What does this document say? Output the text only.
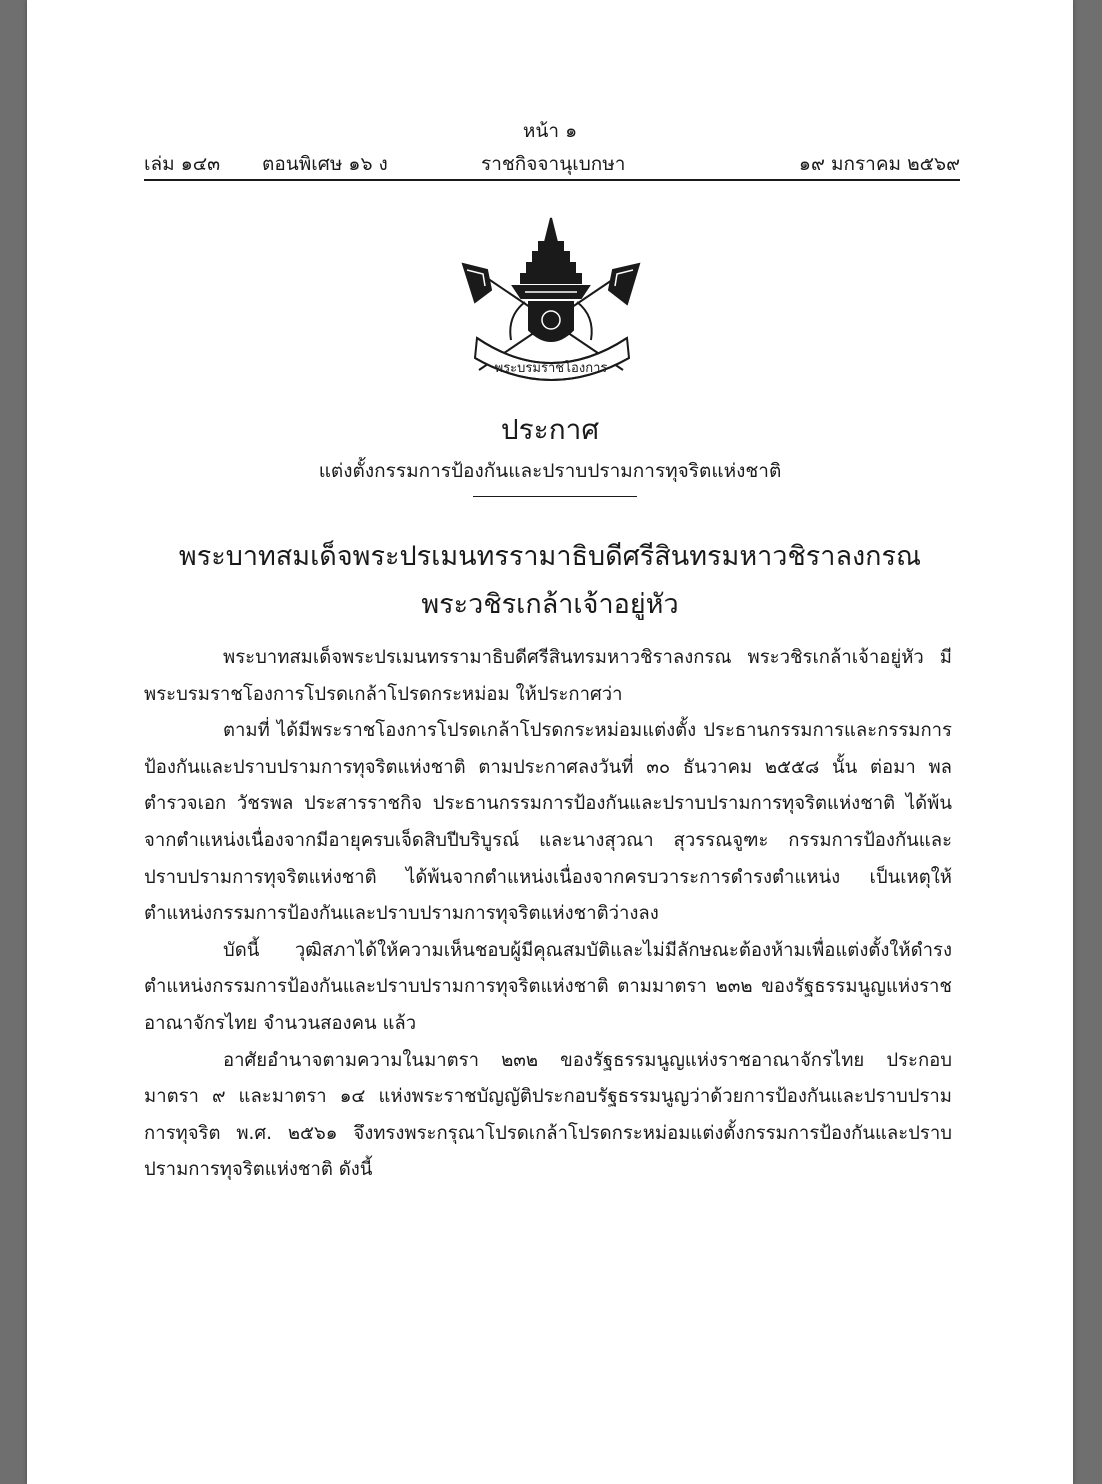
หน้า ๑
เล่ม ๑๔๓ ตอนพิเศษ ๑๖ ง	ราชกิจจานุเบกษา	๑๙ มกราคม ๒๕๖๙
พระบรมราชโองการ
ประกาศ
แต่งตั้งกรรมการป้องกันและปราบปรามการทุจริตแห่งชาติ
พระบาทสมเด็จพระปรเมนทรรามาธิบดีศรีสินทรมหาวชิราลงกรณ
พระวชิรเกล้าเจ้าอยู่หัว

พระบาทสมเด็จพระปรเมนทรรามาธิบดีศรีสินทรมหาวชิราลงกรณ พระวชิรเกล้าเจ้าอยู่หัว มีพระบรมราชโองการโปรดเกล้าโปรดกระหม่อม ให้ประกาศว่า

ตามที่ ได้มีพระราชโองการโปรดเกล้าโปรดกระหม่อมแต่งตั้ง ประธานกรรมการและกรรมการป้องกันและปราบปรามการทุจริตแห่งชาติ ตามประกาศลงวันที่ ๓๐ ธันวาคม ๒๕๕๘ นั้น ต่อมา พลตำรวจเอก วัชรพล ประสารราชกิจ ประธานกรรมการป้องกันและปราบปรามการทุจริตแห่งชาติ ได้พ้นจากตำแหน่งเนื่องจากมีอายุครบเจ็ดสิบปีบริบูรณ์ และนางสุวณา สุวรรณจูฑะ กรรมการป้องกันและปราบปรามการทุจริตแห่งชาติ ได้พ้นจากตำแหน่งเนื่องจากครบวาระการดำรงตำแหน่ง เป็นเหตุให้ตำแหน่งกรรมการป้องกันและปราบปรามการทุจริตแห่งชาติว่างลง

บัดนี้ วุฒิสภาได้ให้ความเห็นชอบผู้มีคุณสมบัติและไม่มีลักษณะต้องห้ามเพื่อแต่งตั้งให้ดำรงตำแหน่งกรรมการป้องกันและปราบปรามการทุจริตแห่งชาติ ตามมาตรา ๒๓๒ ของรัฐธรรมนูญแห่งราชอาณาจักรไทย จำนวนสองคน แล้ว

อาศัยอำนาจตามความในมาตรา ๒๓๒ ของรัฐธรรมนูญแห่งราชอาณาจักรไทย ประกอบมาตรา ๙ และมาตรา ๑๔ แห่งพระราชบัญญัติประกอบรัฐธรรมนูญว่าด้วยการป้องกันและปราบปรามการทุจริต พ.ศ. ๒๕๖๑ จึงทรงพระกรุณาโปรดเกล้าโปรดกระหม่อมแต่งตั้งกรรมการป้องกันและปราบปรามการทุจริตแห่งชาติ ดังนี้
